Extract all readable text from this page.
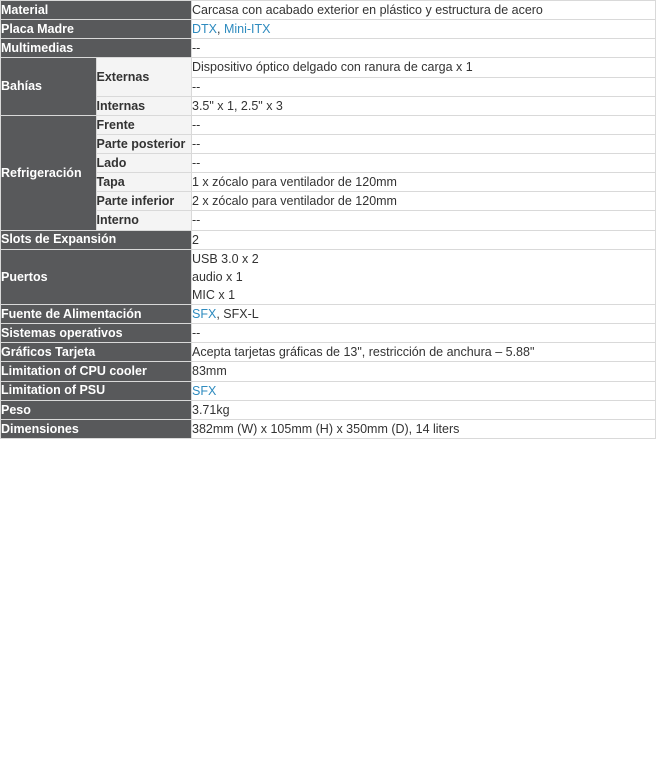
Material		Carcasa con acabado exterior en plástico y estructura de acero
Placa Madre		DTX, Mini-ITX
Multimedias		--
Bahías	Externas	Dispositivo óptico delgado con ranura de carga x 1
		--
	Internas	3.5" x 1, 2.5" x 3
Refrigeración	Frente	--
	Parte posterior	--
	Lado	--
	Tapa	1 x zócalo para ventilador de 120mm
	Parte inferior	2 x zócalo para ventilador de 120mm
	Interno	--
Slots de Expansión		2
Puertos		USB 3.0 x 2
audio x 1
MIC x 1

Fuente de Alimentación		SFX, SFX-L
Sistemas operativos		--
Gráficos Tarjeta		Acepta tarjetas gráficas de 13", restricción de anchura – 5.88"
Limitation of CPU cooler		83mm
Limitation of PSU		SFX
Peso		3.71kg
Dimensiones		382mm (W) x 105mm (H) x 350mm (D), 14 liters
